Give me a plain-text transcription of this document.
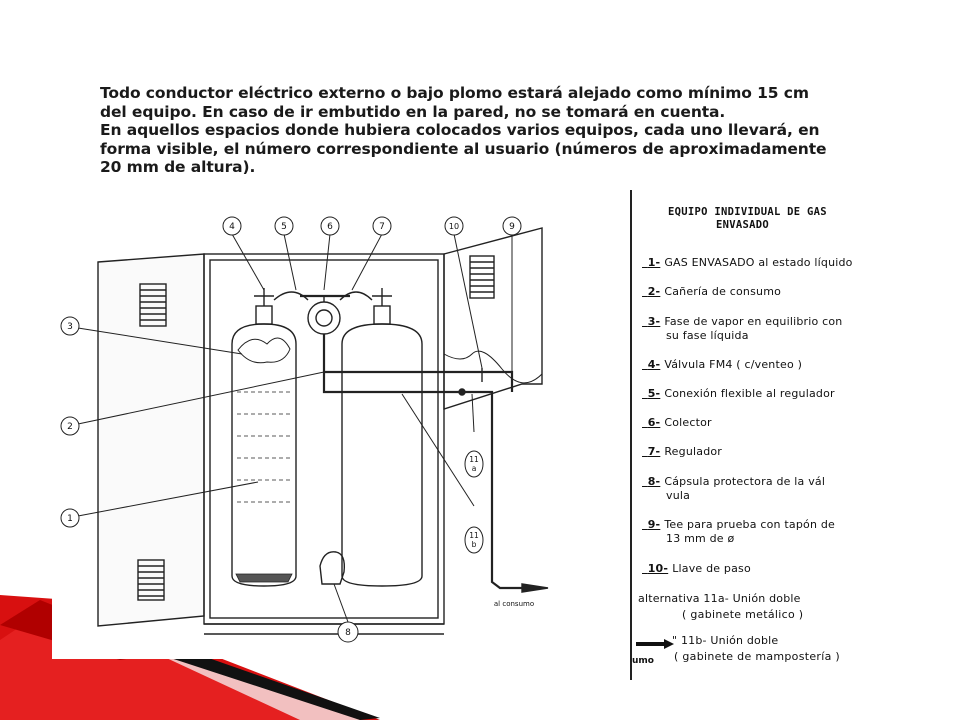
Todo conductor eléctrico externo o bajo plomo estará alejado como mínimo 15 cm

del equipo. En caso de ir embutido en la pared, no se tomará en cuenta.

En aquellos espacios donde hubiera colocados varios equipos, cada uno llevará, en

forma visible, el número correspondiente al usuario (números de aproximadamente

20 mm de altura).

3
2
1
4	5	6	7	10	9
8
11
a
11
b
al consumo
EQUIPO INDIVIDUAL DE GAS
ENVASADO
1- GAS ENVASADO al estado líquido
2- Cañería de consumo
3- Fase de vapor en equilibrio con
su fase líquida
4- Válvula FM4 ( c/venteo )
5- Conexión flexible al regulador
6- Colector
7- Regulador
8- Cápsula protectora de la vál
vula
9- Tee para prueba con tapón de
13 mm de ø
10- Llave de paso
alternativa 11a- Unión doble
( gabinete metálico )
" 11b- Unión doble
( gabinete de mampostería )
umo
